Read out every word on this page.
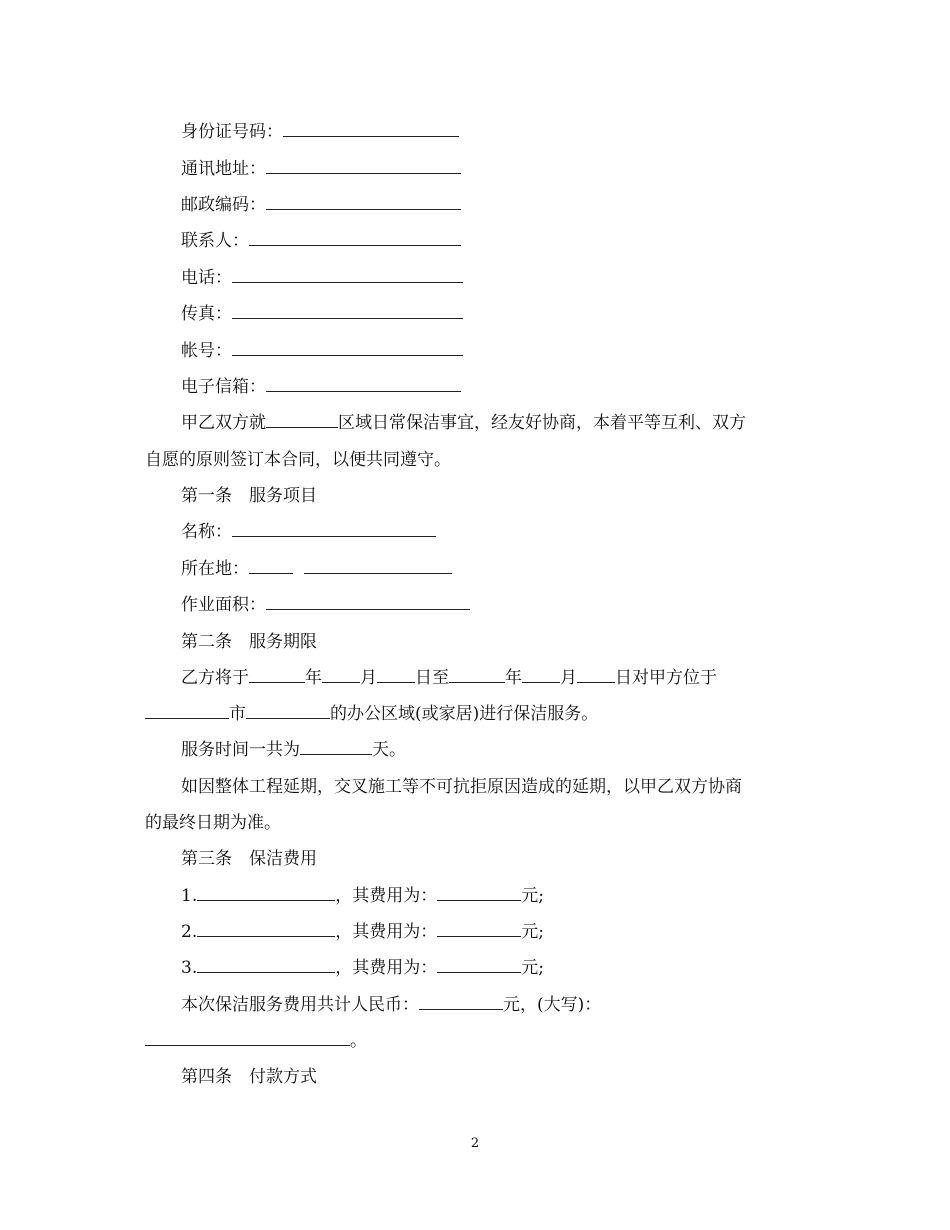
身份证号码：
通讯地址：
邮政编码：
联系人：
电话：
传真：
帐号：
电子信箱：
甲乙双方就	区域日常保洁事宜，经友好协商，本着平等互利、双方
自愿的原则签订本合同，以便共同遵守。
第一条　服务项目
名称：
所在地：
作业面积：
第二条　服务期限
乙方将于	年 月 日至	年 月 日对甲方位于
市	的办公区域(或家居)进行保洁服务。
服务时间一共为	天。
如因整体工程延期，交叉施工等不可抗拒原因造成的延期，以甲乙双方协商
的最终日期为准。
第三条　保洁费用
1.	，其费用为：	元;
2.	，其费用为：	元;
3.	，其费用为：	元;
本次保洁服务费用共计人民币：	元，(大写)：
。
第四条　付款方式
2
